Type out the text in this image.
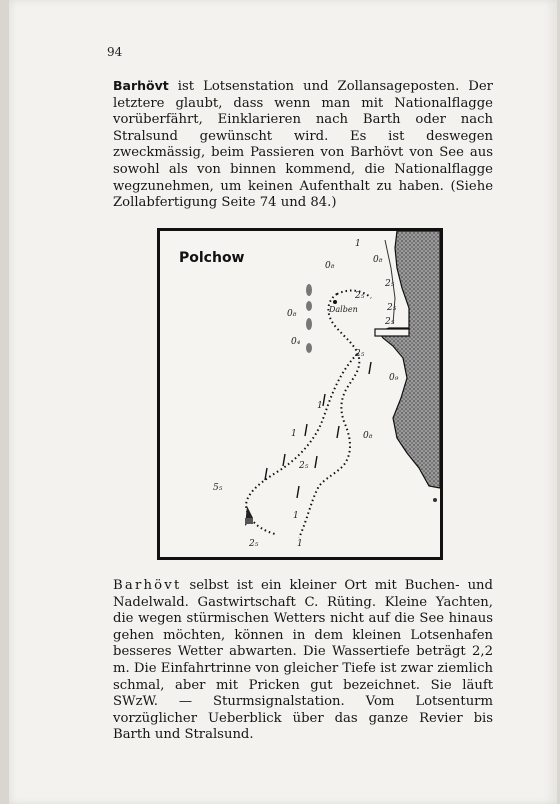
94

Barhövt ist Lotsenstation und Zollansageposten. Der letztere glaubt, dass wenn man mit Nationalflagge vorüberfährt, Einklarieren nach Barth oder nach Stralsund gewünscht wird. Es ist deswegen zweckmässig, beim Passieren von Barhövt von See aus sowohl als von binnen kommend, die Nationalflagge wegzunehmen, um keinen Aufenthalt zu haben. (Siehe Zollabfertigung Seite 74 und 84.)

Polchow
Dalben
1
0₈
0₈
2₅
2₅
2₅
0₈
0₄
2₅
2₅
0₉
1
0₈
1
2₅
5₅
1
2₅	1

Barhövt selbst ist ein kleiner Ort mit Buchen- und Nadelwald. Gastwirtschaft C. Rüting. Kleine Yachten, die wegen stürmischen Wetters nicht auf die See hinaus gehen möchten, können in dem kleinen Lotsenhafen besseres Wetter abwarten. Die Wassertiefe beträgt 2,2 m. Die Einfahrtrinne von gleicher Tiefe ist zwar ziemlich schmal, aber mit Pricken gut bezeichnet. Sie läuft SWzW. — Sturmsignalstation. Vom Lotsenturm vorzüglicher Ueberblick über das ganze Revier bis Barth und Stralsund.
